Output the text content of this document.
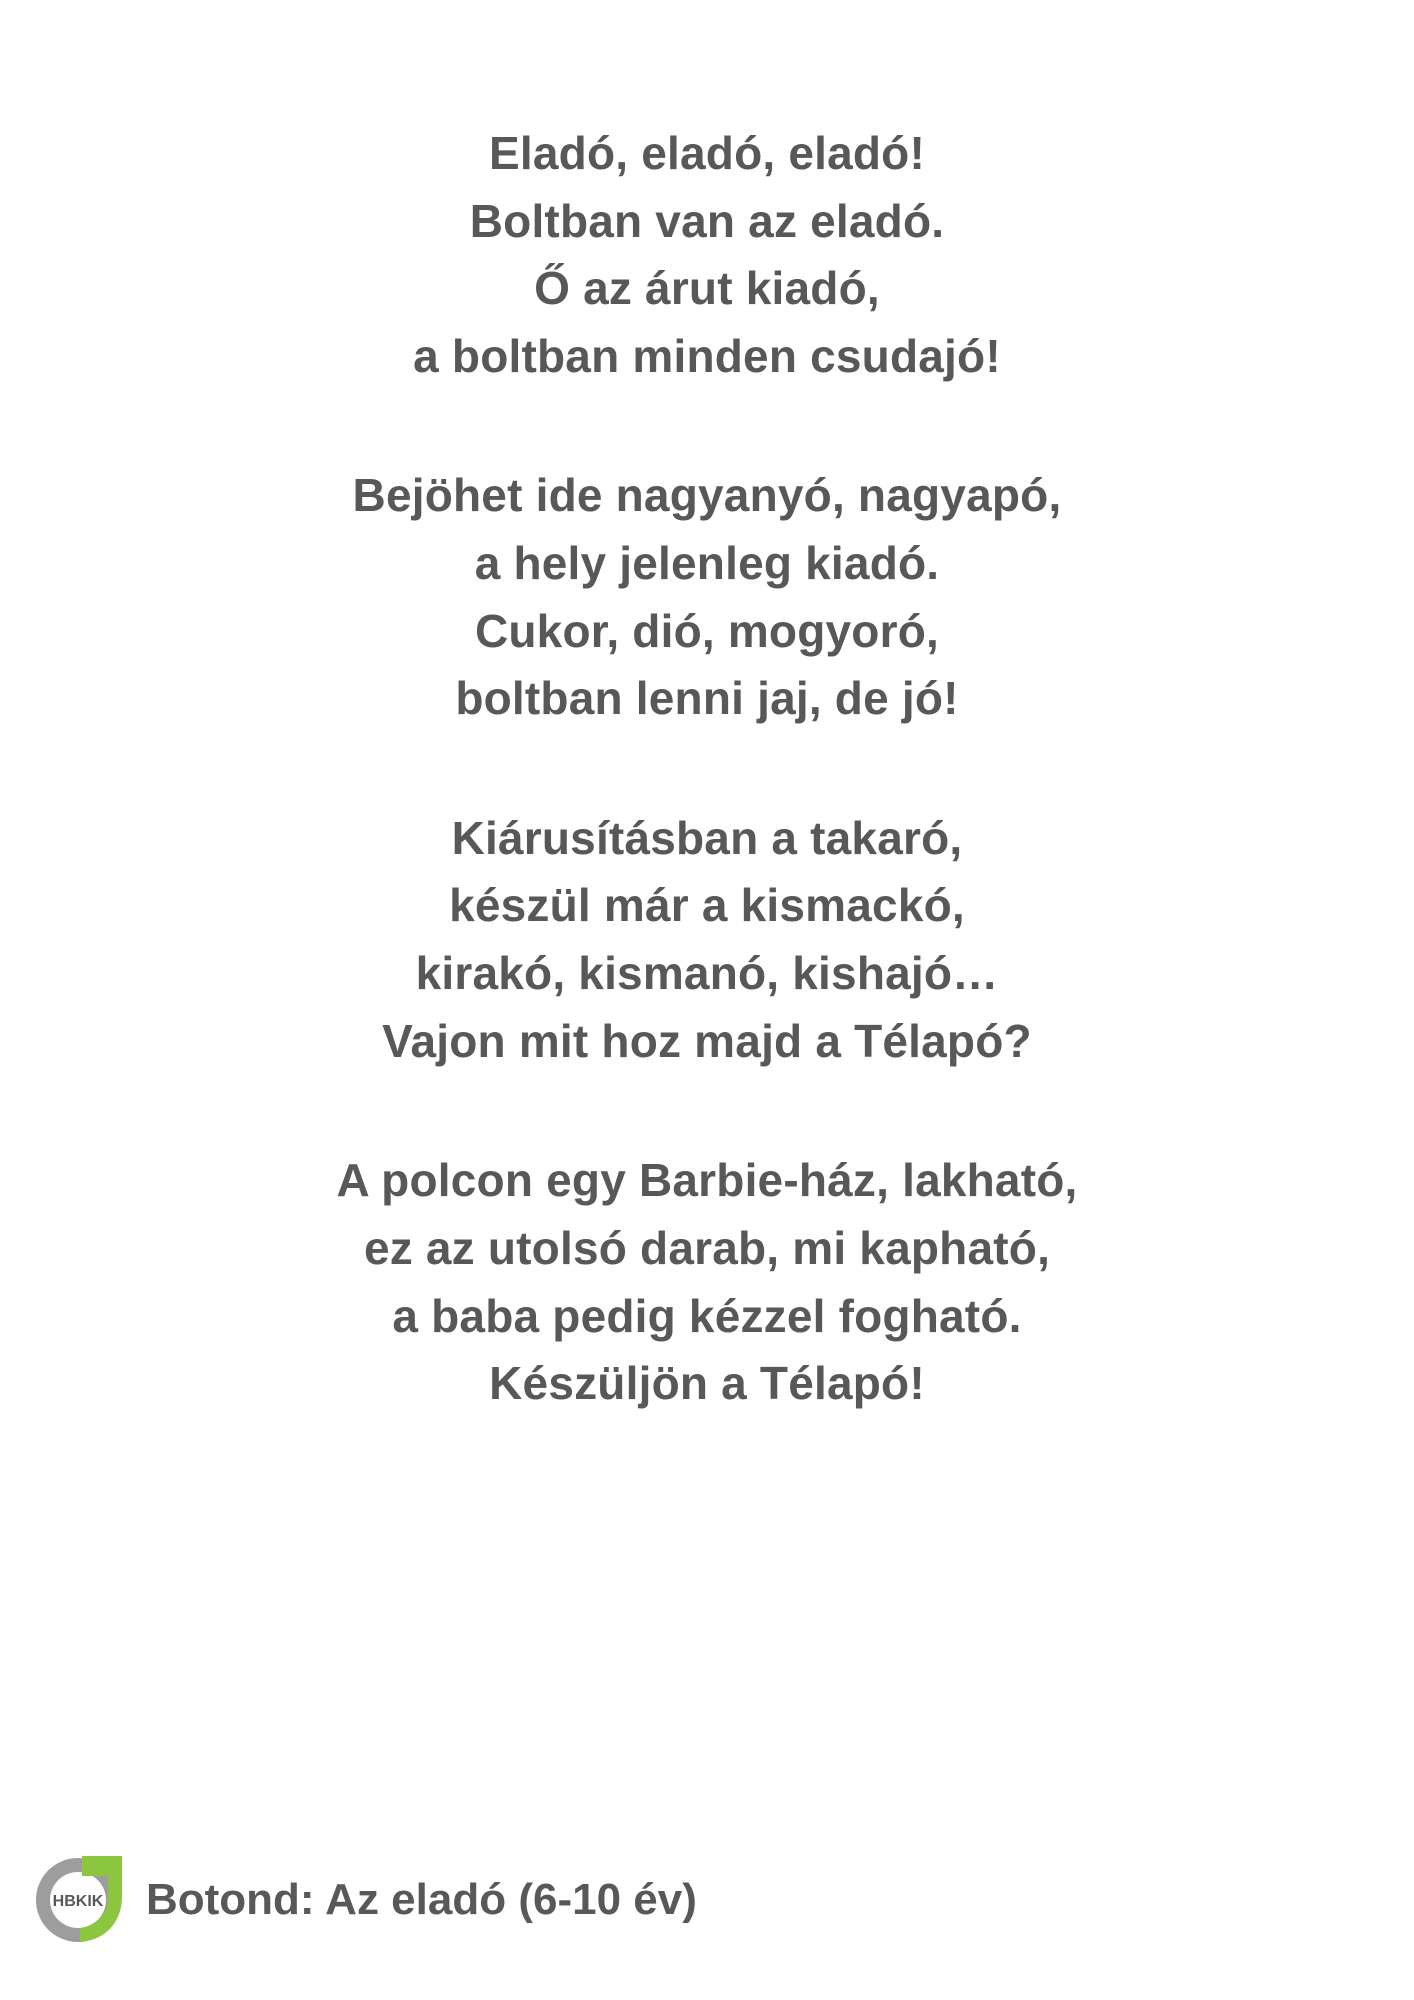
Eladó, eladó, eladó!
Boltban van az eladó.
Ő az árut kiadó,
a boltban minden csudajó!
Bejöhet ide nagyanyó, nagyapó,
a hely jelenleg kiadó.
Cukor, dió, mogyoró,
boltban lenni jaj, de jó!
Kiárusításban a takaró,
készül már a kismackó,
kirakó, kismanó, kishajó…
Vajon mit hoz majd a Télapó?
A polcon egy Barbie-ház, lakható,
ez az utolsó darab, mi kapható,
a baba pedig kézzel fogható.
Készüljön a Télapó!
HBKIK Botond: Az eladó (6-10 év)
